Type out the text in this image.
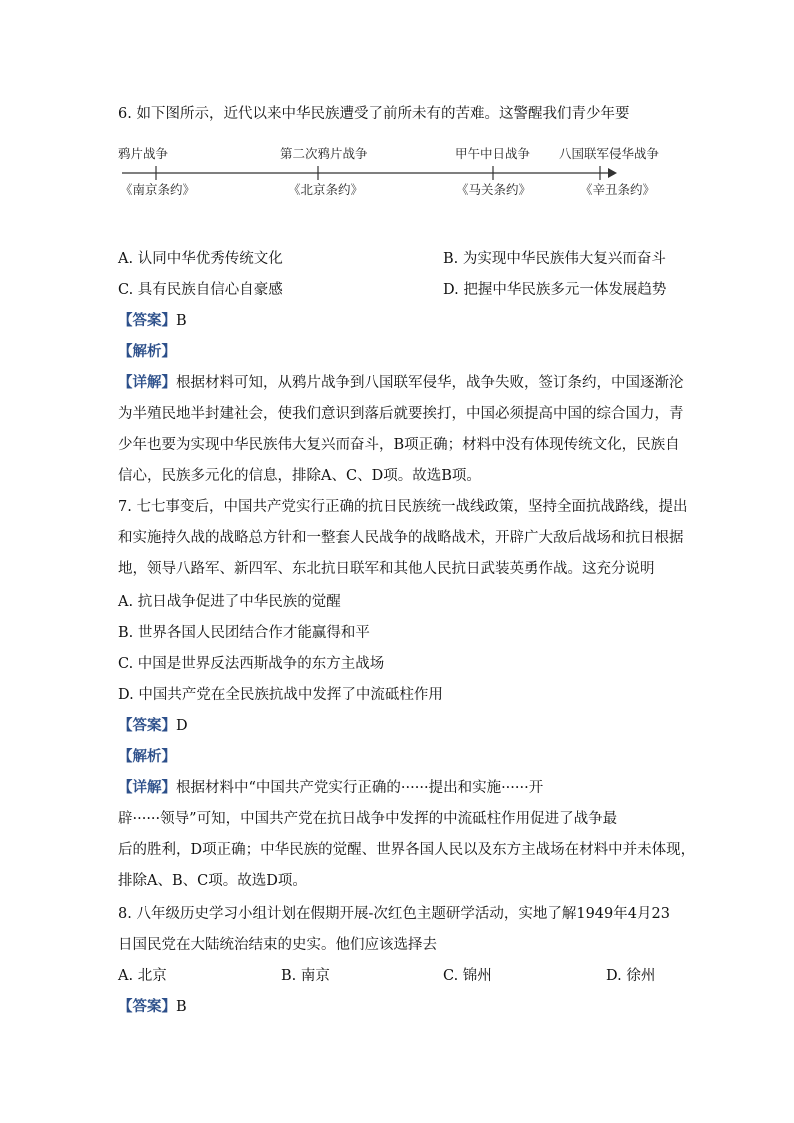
6. 如下图所示，近代以来中华民族遭受了前所未有的苦难。这警醒我们青少年要
鸦片战争	第二次鸦片战争	甲午中日战争 八国联军侵华战争
《南京条约》	《北京条约》	《马关条约》	《辛丑条约》
A. 认同中华优秀传统文化	B. 为实现中华民族伟大复兴而奋斗
C. 具有民族自信心自豪感	D. 把握中华民族多元一体发展趋势
【答案】B
【解析】
【详解】根据材料可知，从鸦片战争到八国联军侵华，战争失败，签订条约，中国逐渐沦
为半殖民地半封建社会，使我们意识到落后就要挨打，中国必须提高中国的综合国力，青
少年也要为实现中华民族伟大复兴而奋斗，B项正确；材料中没有体现传统文化，民族自
信心，民族多元化的信息，排除A、C、D项。故选B项。
7. 七七事变后，中国共产党实行正确的抗日民族统一战线政策，坚持全面抗战路线，提出
和实施持久战的战略总方针和一整套人民战争的战略战术，开辟广大敌后战场和抗日根据
地，领导八路军、新四军、东北抗日联军和其他人民抗日武装英勇作战。这充分说明
A. 抗日战争促进了中华民族的觉醒
B. 世界各国人民团结合作才能赢得和平
C. 中国是世界反法西斯战争的东方主战场
D. 中国共产党在全民族抗战中发挥了中流砥柱作用
【答案】D
【解析】
【详解】根据材料中“中国共产党实行正确的······提出和实施······开
辟······领导”可知，中国共产党在抗日战争中发挥的中流砥柱作用促进了战争最
后的胜利，D项正确；中华民族的觉醒、世界各国人民以及东方主战场在材料中并未体现，
排除A、B、C项。故选D项。
8. 八年级历史学习小组计划在假期开展-次红色主题研学活动，实地了解1949年4月23
日国民党在大陆统治结束的史实。他们应该选择去
A. 北京	B. 南京	C. 锦州	D. 徐州
【答案】B
